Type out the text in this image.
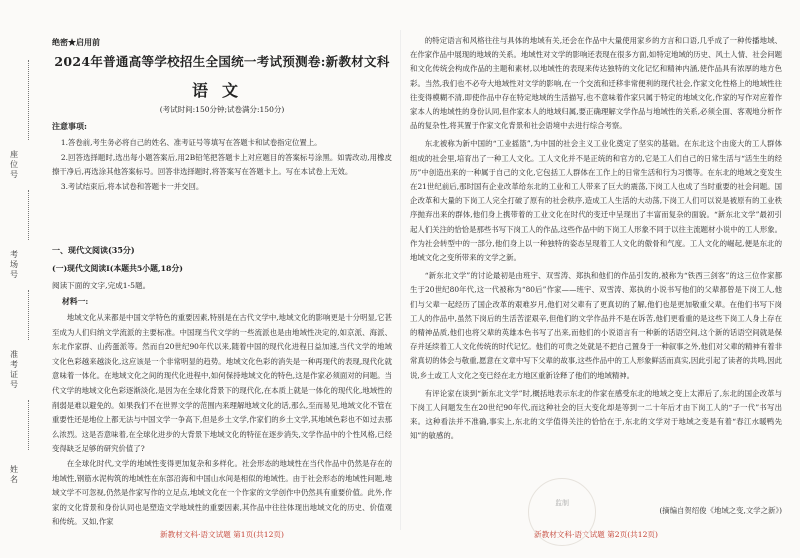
座位号
考场号
准考证号
姓名
绝密★启用前
2024年普通高等学校招生全国统一考试预测卷:新教材文科
语文
(考试时间:150分钟;试卷满分:150分)
注意事项:

1.答卷前,考生务必将自己的姓名、准考证号等填写在答题卡和试卷指定位置上。

2.回答选择题时,选出每小题答案后,用2B铅笔把答题卡上对应题目的答案标号涂黑。如需改动,用橡皮擦干净后,再选涂其他答案标号。回答非选择题时,将答案写在答题卡上。写在本试卷上无效。

3.考试结束后,将本试卷和答题卡一并交回。

一、现代文阅读(35分)
(一)现代文阅读Ⅰ(本题共5小题,18分)
阅读下面的文字,完成1-5题。
材料一:

地域文化从来都是中国文学特色的重要因素,特别是在古代文学中,地域文化的影响更是十分明显,它甚至成为人们归纳文学流派的主要标准。中国现当代文学的一些流派也是由地域性决定的,如京派、海派、东北作家群、山药蛋派等。然而自20世纪90年代以来,随着中国的现代化进程日益加速,当代文学的地域文化色彩越来越淡化,这应该是一个非常明显的趋势。地域文化色彩的消失是一种再现代的表现,现代化就意味着一体化。在地域文化之间的现代化进程中,如何保持地域文化的特色,这是作家必须面对的问题。当代文学的地域文化色彩逐渐淡化,是因为在全球化背景下的现代化,在本质上就是一体化的现代化,地域性的削弱是难以避免的。如果我们不在世界文学的范围内来理解地域文化的话,那么,至而易见,地域文化不管在重要性还是地位上都无法与中国文学一争高下,但是乡土文学,作家们的乡土文学,其地域色彩也不如过去那么浓烈。这是否意味着,在全球化进步的大背景下地域文化的特征在逐步消失,文学作品中的个性风格,已经变得缺乏足够的研究价值了?

在全球化时代,文学的地域性变得更加复杂和多样化。社会形态的地域性在当代作品中仍然是存在的地域性,钢筋水泥构筑的地域性在东部沿海和中国山水间是相似的地域性。由于社会形态的地域性问题,地域文学不可忽视,仍然是作家写作的立足点,地域文化在一个作家的文学创作中仍然具有重要价值。此外,作家的文化背景和身份认同也是塑造文学地域性的重要因素,其作品中往往体现出地域文化的历史、价值观和传统。又如,作家

新教材文科·语文试题 第1页(共12页)

的特定语言和风格往往与具体的地域有关,还会在作品中大量使用家乡的方言和口语,几乎成了一种传播地域、在作家作品中展现的地域的关系。地域性对文学的影响还表现在很多方面,如特定地域的历史、风土人情、社会问题和文化传统会构成作品的主题和素材,以地域性的表现来传达独特的文化记忆和精神内涵,使作品具有浓厚的地方色彩。当然,我们也不必夸大地域性对文学的影响,在一个交流和迁移非常便利的现代社会,作家文化性格上的地域性往往变得模糊不清,即使作品中存在特定地域的生活描写,也不意味着作家只属于特定的地域文化,作家的写作对应着作家本人的地域性的身份认同,但作家本人的地域归属,要正确理解文学作品与地域性的关系,必须全面、客观地分析作品的复杂性,将其置于作家文化背景和社会语境中去进行综合考察。

东北被称为新中国的“工业摇篮”,为中国的社会主义工业化奠定了坚实的基础。在东北这个由庞大的工人群体组成的社会里,培育出了一种工人文化。工人文化并不是正统的和官方的,它是工人们自己的日常生活与“活生生的经历”中创造出来的一种属于自己的文化,它包括工人群体在工作上的日常生活和行为习惯等。在东北的地域之变发生在21世纪前后,那时国有企业改革给东北的工业和工人带来了巨大的震荡,下岗工人也成了当时重要的社会问题。国企改革和大量的下岗工人完全打破了原有的社会秩序,造成工人生活的大动荡,下岗工人们可以说是被原有的工业秩序抛弃出来的群体,他们身上携带着的工业文化在时代的变迁中呈现出了丰富而复杂的面貌。“新东北文学”最初引起人们关注的恰恰是那些书写下岗工人的作品,这些作品中的下岗工人形象不同于以往主流题材小说中的工人形象。作为社会转型中的一部分,他们身上以一种独特的姿态呈现着工人文化的傲骨和气度。工人文化的崛起,便是东北的地域文化之变所带来的文学之新。

“新东北文学”的讨论最初是由班宇、双雪涛、郑执和他们的作品引发的,被称为“铁西三剑客”的这三位作家都生于20世纪80年代,这一代被称为“80后”作家——班宇、双雪涛、郑执的小说书写他们的父辈都曾是下岗工人,他们与父辈一起经历了国企改革的艰难岁月,他们对父辈有了更真切的了解,他们也是更加敬重父辈。在他们书写下岗工人的作品中,虽然下岗后的生活苦涩艰辛,但他们的文学作品并不是在诉苦,他们更看重的是这些下岗工人身上存在的精神品质,他们也将父辈的英雄本色书写了出来,而他们的小说语言有一种新的话语空间,这个新的话语空间就是保存并延续着工人文化传统的时代记忆。他们的可贵之处就是不把自己置身于一种叙事之外,他们对父辈的精神有着非常真切的体会与敬重,愿意在文章中写下父辈的故事,这些作品中的工人形象鲜活而真实,因此引起了读者的共鸣,因此说,乡土或工人文化之变已经在北方地区重新诠释了他们的地域精神。

有评论家在谈到“新东北文学”时,概括地表示东北的作家在感受东北的地域之变上太滞后了,东北的国企改革与下岗工人问题发生在20世纪90年代,而这种社会的巨大变化却是等到一二十年后才由下岗工人的“子一代”书写出来。这种看法并不准确,事实上,东北的文学值得关注的恰恰在于,东北的文学对于地域之变是有着“春江水暖鸭先知”的敏感的。

(摘编自贺绍俊《地域之变,文学之新》)
新教材文科·语文试题 第2页(共12页)
监制
